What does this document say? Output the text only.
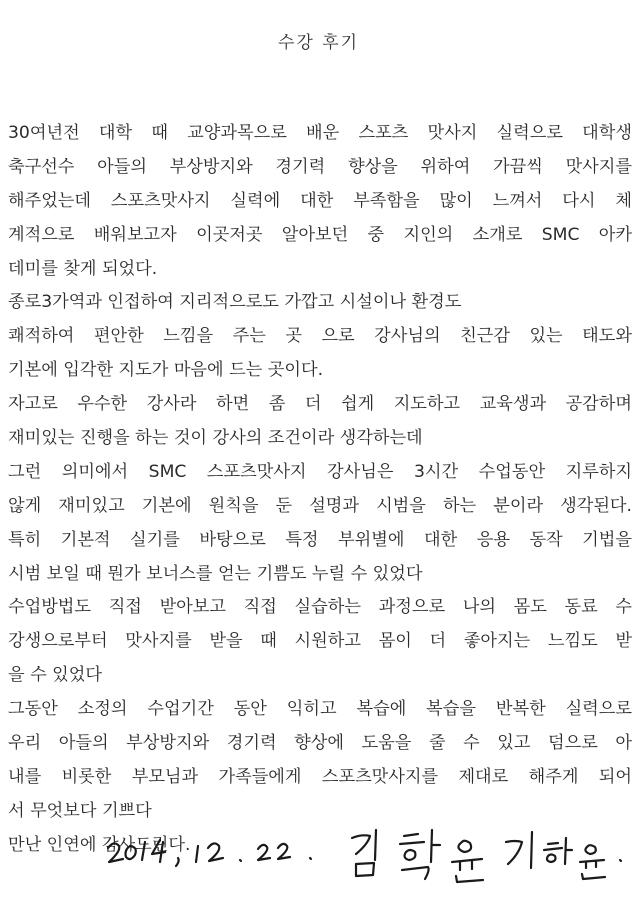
수강 후기
30여년전 대학 때 교양과목으로 배운 스포츠 맛사지 실력으로 대학생
축구선수 아들의 부상방지와 경기력 향상을 위하여 가끔씩 맛사지를
해주었는데 스포츠맛사지 실력에 대한 부족함을 많이 느껴서 다시 체
계적으로 배워보고자 이곳저곳 알아보던 중 지인의 소개로 SMC 아카
데미를 찾게 되었다.
종로3가역과 인접하여 지리적으로도 가깝고 시설이나 환경도
쾌적하여 편안한 느낌을 주는 곳 으로 강사님의 친근감 있는 태도와
기본에 입각한 지도가 마음에 드는 곳이다.
자고로 우수한 강사라 하면 좀 더 쉽게 지도하고 교육생과 공감하며
재미있는 진행을 하는 것이 강사의 조건이라 생각하는데
그런 의미에서 SMC 스포츠맛사지 강사님은 3시간 수업동안 지루하지
않게 재미있고 기본에 원칙을 둔 설명과 시범을 하는 분이라 생각된다.
특히 기본적 실기를 바탕으로 특정 부위별에 대한 응용 동작 기법을
시범 보일 때 뭔가 보너스를 얻는 기쁨도 누릴 수 있었다
수업방법도 직접 받아보고 직접 실습하는 과정으로 나의 몸도 동료 수
강생으로부터 맛사지를 받을 때 시원하고 몸이 더 좋아지는 느낌도 받
을 수 있었다
그동안 소정의 수업기간 동안 익히고 복습에 복습을 반복한 실력으로
우리 아들의 부상방지와 경기력 향상에 도움을 줄 수 있고 덤으로 아
내를 비롯한 부모님과 가족들에게 스포츠맛사지를 제대로 해주게 되어
서 무엇보다 기쁘다
만난 인연에 감사드린다.
